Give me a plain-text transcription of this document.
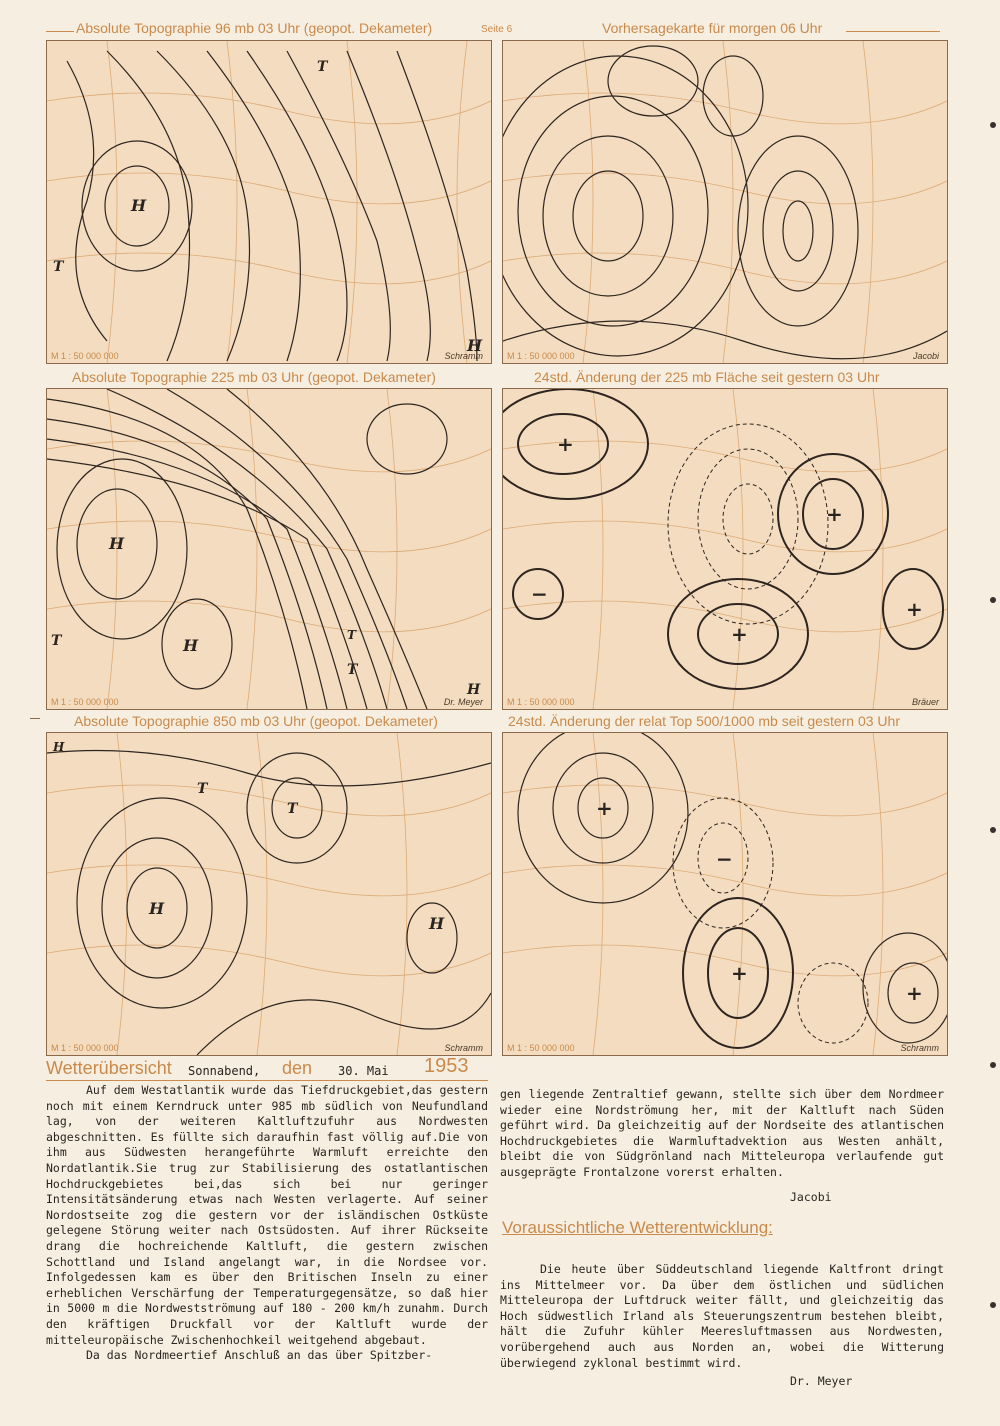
Absolute Topographie 96 mb 03 Uhr (geopot. Dekameter)	Seite 6	Vorhersagekarte für morgen 06 Uhr
H
T
T
H
M 1 : 50 000 000	Schramm	M 1 : 50 000 000	Jacobi
Absolute Topographie 225 mb 03 Uhr (geopot. Dekameter)	24std. Änderung der 225 mb Fläche seit gestern 03 Uhr
H
H
T
T
T
H
M 1 : 50 000 000	Dr. Meyer
+
+
+
+
−
M 1 : 50 000 000	Bräuer
Absolute Topographie 850 mb 03 Uhr (geopot. Dekameter)	24std. Änderung der relat Top 500/1000 mb seit gestern 03 Uhr
H
T
T
H
H
M 1 : 50 000 000	Schramm
+
+
+
−
M 1 : 50 000 000	Schramm
Wetterübersicht Sonnabend, den 30. Mai 1953

Auf dem Westatlantik wurde das Tiefdruckgebiet,das gestern noch mit einem Kerndruck unter 985 mb südlich von Neufundland lag, von der weiteren Kaltluftzufuhr aus Nordwesten abgeschnitten. Es füllte sich daraufhin fast völlig auf.Die von ihm aus Südwesten herangeführte Warmluft erreichte den Nordatlantik.Sie trug zur Stabilisierung des ostatlantischen Hochdruckgebietes bei,das sich bei nur geringer Intensitätsänderung etwas nach Westen verlagerte. Auf seiner Nordostseite zog die gestern vor der isländischen Ostküste gelegene Störung weiter nach Ostsüdosten. Auf ihrer Rückseite drang die hochreichende Kaltluft, die gestern zwischen Schottland und Island angelangt war, in die Nordsee vor. Infolgedessen kam es über den Britischen Inseln zu einer erheblichen Verschärfung der Temperaturgegensätze, so daß hier in 5000 m die Nordwestströmung auf 180 - 200 km/h zunahm. Durch den kräftigen Druckfall vor der Kaltluft wurde der mitteleuropäische Zwischenhochkeil weitgehend abgebaut.

Da das Nordmeertief Anschluß an das über Spitzber-

gen liegende Zentraltief gewann, stellte sich über dem Nordmeer wieder eine Nordströmung her, mit der Kaltluft nach Süden geführt wird. Da gleichzeitig auf der Nordseite des atlantischen Hochdruckgebietes die Warmluftadvektion aus Westen anhält, bleibt die von Südgrönland nach Mitteleuropa verlaufende gut ausgeprägte Frontalzone vorerst erhalten.

Jacobi
Voraussichtliche Wetterentwicklung:

Die heute über Süddeutschland liegende Kaltfront dringt ins Mittelmeer vor. Da über dem östlichen und südlichen Mitteleuropa der Luftdruck weiter fällt, und gleichzeitig das Hoch südwestlich Irland als Steuerungszentrum bestehen bleibt, hält die Zufuhr kühler Meeresluftmassen aus Nordwesten, vorübergehend auch aus Norden an, wobei die Witterung überwiegend zyklonal bestimmt wird.

Dr. Meyer
